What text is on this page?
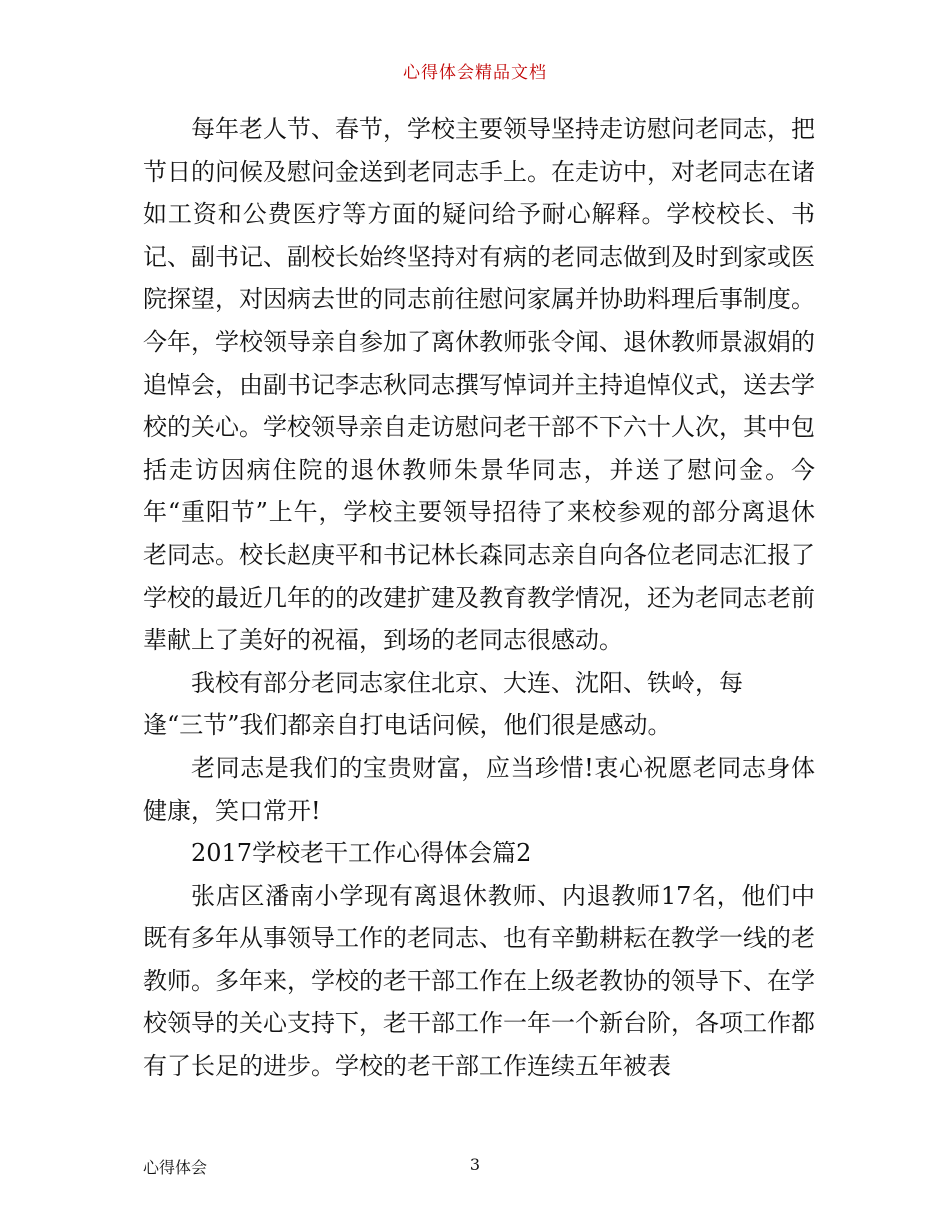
心得体会精品文档

每年老人节、春节，学校主要领导坚持走访慰问老同志，把节日的问候及慰问金送到老同志手上。在走访中，对老同志在诸如工资和公费医疗等方面的疑问给予耐心解释。学校校长、书记、副书记、副校长始终坚持对有病的老同志做到及时到家或医院探望，对因病去世的同志前往慰问家属并协助料理后事制度。今年，学校领导亲自参加了离休教师张令闻、退休教师景淑娟的追悼会，由副书记李志秋同志撰写悼词并主持追悼仪式，送去学校的关心。学校领导亲自走访慰问老干部不下六十人次，其中包括走访因病住院的退休教师朱景华同志，并送了慰问金。今年“重阳节”上午，学校主要领导招待了来校参观的部分离退休老同志。校长赵庚平和书记林长森同志亲自向各位老同志汇报了学校的最近几年的的改建扩建及教育教学情况，还为老同志老前辈献上了美好的祝福，到场的老同志很感动。

我校有部分老同志家住北京、大连、沈阳、铁岭，每逢“三节”我们都亲自打电话问候，他们很是感动。

老同志是我们的宝贵财富，应当珍惜!衷心祝愿老同志身体健康，笑口常开!

2017学校老干工作心得体会篇2

张店区潘南小学现有离退休教师、内退教师17名，他们中既有多年从事领导工作的老同志、也有辛勤耕耘在教学一线的老教师。多年来，学校的老干部工作在上级老教协的领导下、在学校领导的关心支持下，老干部工作一年一个新台阶，各项工作都有了长足的进步。学校的老干部工作连续五年被表

心得体会	3
